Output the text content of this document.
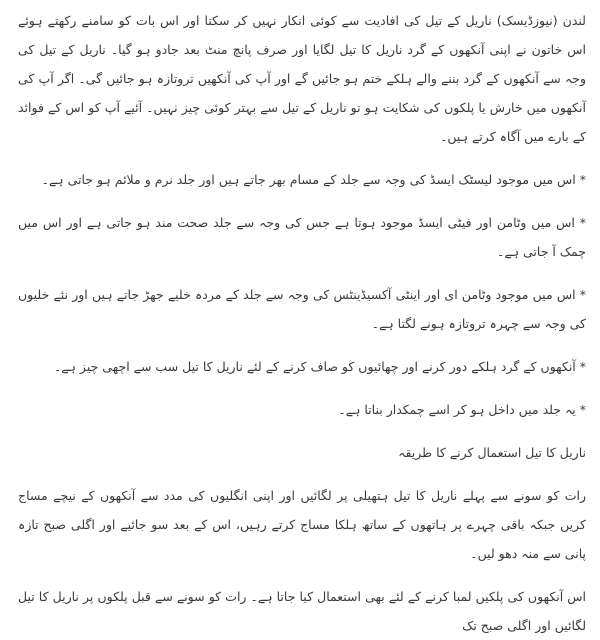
لندن (نیوزڈیسک) ناریل کے تیل کی افادیت سے کوئی انکار نہیں کر سکتا اور اس بات کو سامنے رکھتے ہوئے اس خاتون نے اپنی آنکھوں کے گرد ناریل کا تیل لگایا اور صرف پانچ منٹ بعد جادو ہو گیا۔ ناریل کے تیل کی وجہ سے آنکھوں کے گرد بننے والے ہلکے ختم ہو جائیں گے اور آپ کی آنکھیں تروتازہ ہو جائیں گی۔ اگر آپ کی آنکھوں میں خارش یا پلکوں کی شکایت ہو تو ناریل کے تیل سے بہتر کوئی چیز نہیں۔ آئیے آپ کو اس کے فوائد کے بارے میں آگاہ کرتے ہیں۔

* اس میں موجود لیسٹک ایسڈ کی وجہ سے جلد کے مسام بھر جاتے ہیں اور جلد نرم و ملائم ہو جاتی ہے۔

* اس میں وٹامن اور فیٹی ایسڈ موجود ہوتا ہے جس کی وجہ سے جلد صحت مند ہو جاتی ہے اور اس میں چمک آ جاتی ہے۔

* اس میں موجود وٹامن ای اور اینٹی آکسیڈینٹس کی وجہ سے جلد کے مردہ خلیے جھڑ جاتے ہیں اور نئے خلیوں کی وجہ سے چہرہ تروتازہ ہونے لگتا ہے۔

* آنکھوں کے گرد ہلکے دور کرنے اور چھائیوں کو صاف کرنے کے لئے ناریل کا تیل سب سے اچھی چیز ہے۔

* یہ جلد میں داخل ہو کر اسے چمکدار بناتا ہے۔

ناریل کا تیل استعمال کرنے کا طریقہ

رات کو سونے سے پہلے ناریل کا تیل ہتھیلی پر لگائیں اور اپنی انگلیوں کی مدد سے آنکھوں کے نیچے مساج کریں جبکہ باقی چہرے پر ہاتھوں کے ساتھ ہلکا مساج کرتے رہیں، اس کے بعد سو جائیے اور اگلی صبح تازہ پانی سے منہ دھو لیں۔

اس آنکھوں کی پلکیں لمبا کرنے کے لئے بھی استعمال کیا جاتا ہے۔ رات کو سونے سے قبل پلکوں پر ناریل کا تیل لگائیں اور اگلی صبح تک
